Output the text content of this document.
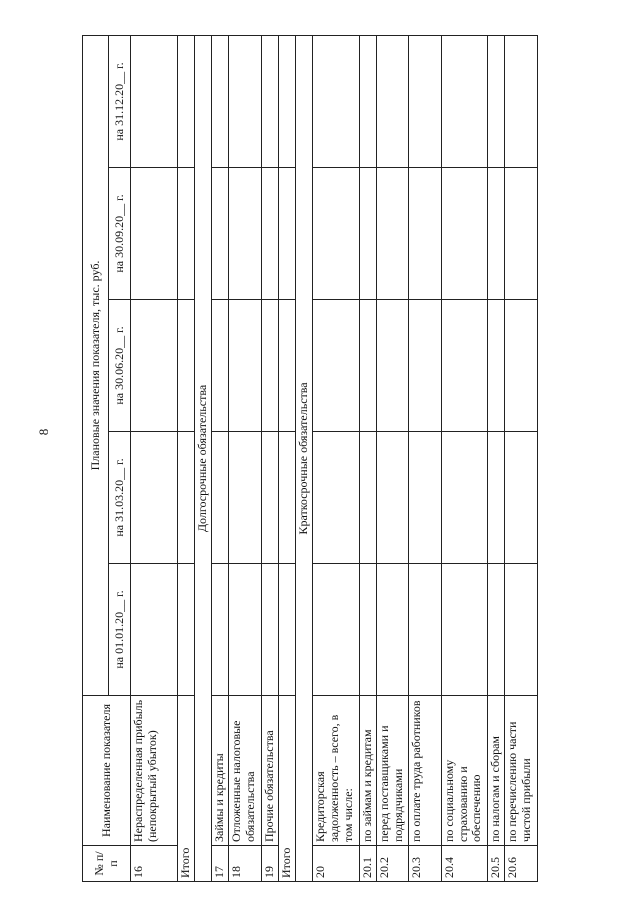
8
№ п/п	Наименование показателя	Плановые значения показателя, тыс. руб.				
		на 01.01.20__ г.	на 31.03.20__ г.	на 30.06.20__ г.	на 30.09.20__ г.	на 31.12.20__ г.
16	Нераспределенная прибыль (непокрытый убыток)					
Итого						
Долгосрочные обязательства						
17	Займы и кредиты					
18	Отложенные налоговые обязательства					
19	Прочие обязательства					
Итого						
Краткосрочные обязательства						
20	Кредиторская задолженность – всего, в том числе:					
20.1	по займам и кредитам					
20.2	перед поставщиками и подрядчиками					
20.3	по оплате труда работников					
20.4	по социальному страхованию и обеспечению					
20.5	по налогам и сборам					
20.6	по перечислению части чистой прибыли					
